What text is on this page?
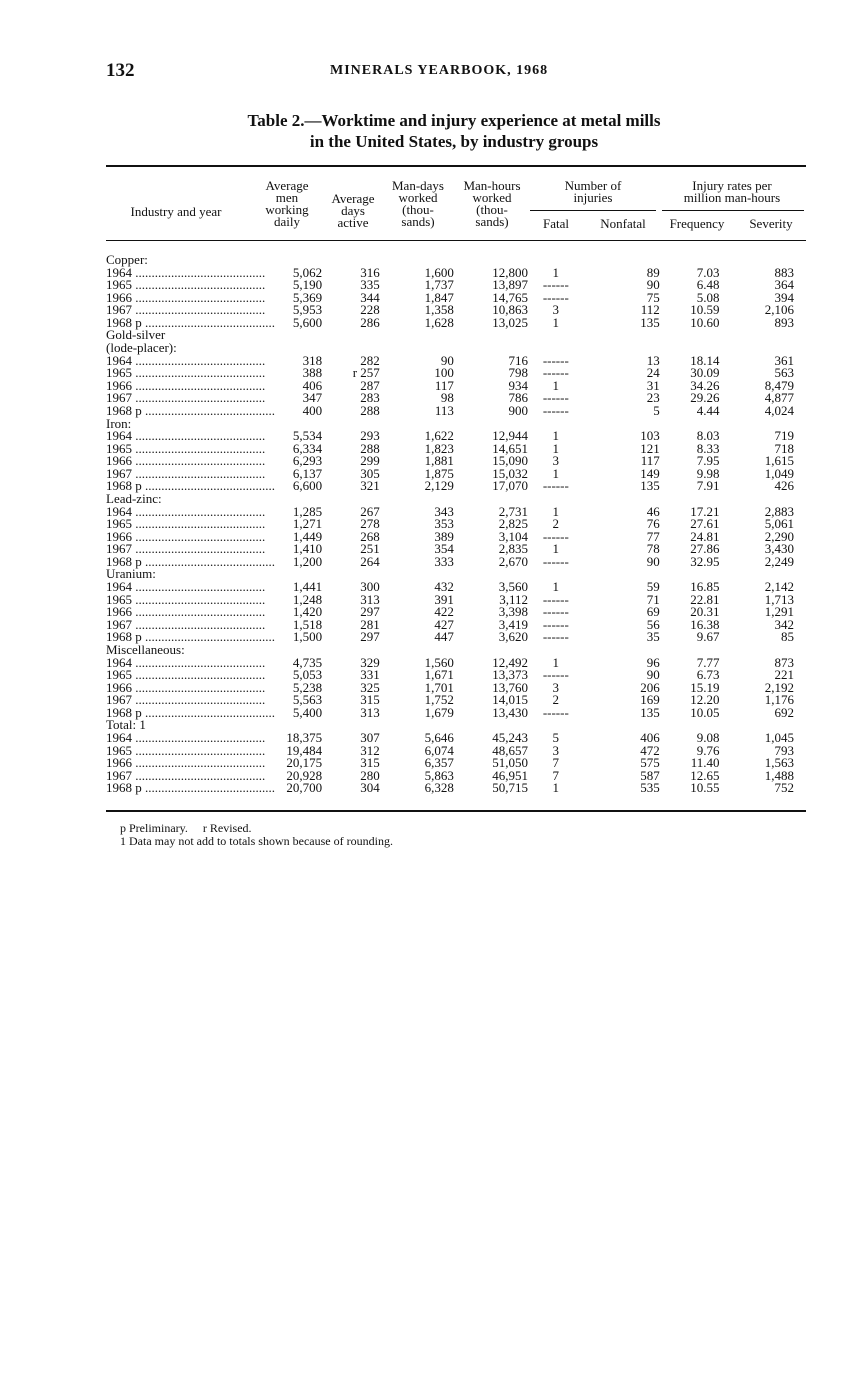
132	MINERALS YEARBOOK, 1968
Table 2.—Worktime and injury experience at metal mills
in the United States, by industry groups
Industry and year
Average
men
working
daily
Average
days
active
Man-days
worked
(thou-
sands)
Man-hours
worked
(thou-
sands)
Number of
injuries
Fatal	Nonfatal
Injury rates per
million man-hours
Frequency	Severity
Copper:								
1964 ........................................	5,062	316	1,600	12,800	1	89	7.03	883
1965 ........................................	5,190	335	1,737	13,897	------	90	6.48	364
1966 ........................................	5,369	344	1,847	14,765	------	75	5.08	394
1967 ........................................	5,953	228	1,358	10,863	3	112	10.59	2,106
1968 p ........................................	5,600	286	1,628	13,025	1	135	10.60	893
Gold-silver								
(lode-placer):								
1964 ........................................	318	282	90	716	------	13	18.14	361
1965 ........................................	388	r 257	100	798	------	24	30.09	563
1966 ........................................	406	287	117	934	1	31	34.26	8,479
1967 ........................................	347	283	98	786	------	23	29.26	4,877
1968 p ........................................	400	288	113	900	------	5	4.44	4,024
Iron:								
1964 ........................................	5,534	293	1,622	12,944	1	103	8.03	719
1965 ........................................	6,334	288	1,823	14,651	1	121	8.33	718
1966 ........................................	6,293	299	1,881	15,090	3	117	7.95	1,615
1967 ........................................	6,137	305	1,875	15,032	1	149	9.98	1,049
1968 p ........................................	6,600	321	2,129	17,070	------	135	7.91	426
Lead-zinc:								
1964 ........................................	1,285	267	343	2,731	1	46	17.21	2,883
1965 ........................................	1,271	278	353	2,825	2	76	27.61	5,061
1966 ........................................	1,449	268	389	3,104	------	77	24.81	2,290
1967 ........................................	1,410	251	354	2,835	1	78	27.86	3,430
1968 p ........................................	1,200	264	333	2,670	------	90	32.95	2,249
Uranium:								
1964 ........................................	1,441	300	432	3,560	1	59	16.85	2,142
1965 ........................................	1,248	313	391	3,112	------	71	22.81	1,713
1966 ........................................	1,420	297	422	3,398	------	69	20.31	1,291
1967 ........................................	1,518	281	427	3,419	------	56	16.38	342
1968 p ........................................	1,500	297	447	3,620	------	35	9.67	85
Miscellaneous:								
1964 ........................................	4,735	329	1,560	12,492	1	96	7.77	873
1965 ........................................	5,053	331	1,671	13,373	------	90	6.73	221
1966 ........................................	5,238	325	1,701	13,760	3	206	15.19	2,192
1967 ........................................	5,563	315	1,752	14,015	2	169	12.20	1,176
1968 p ........................................	5,400	313	1,679	13,430	------	135	10.05	692
Total: 1								
1964 ........................................	18,375	307	5,646	45,243	5	406	9.08	1,045
1965 ........................................	19,484	312	6,074	48,657	3	472	9.76	793
1966 ........................................	20,175	315	6,357	51,050	7	575	11.40	1,563
1967 ........................................	20,928	280	5,863	46,951	7	587	12.65	1,488
1968 p ........................................	20,700	304	6,328	50,715	1	535	10.55	752
p Preliminary.     r Revised.
1 Data may not add to totals shown because of rounding.
